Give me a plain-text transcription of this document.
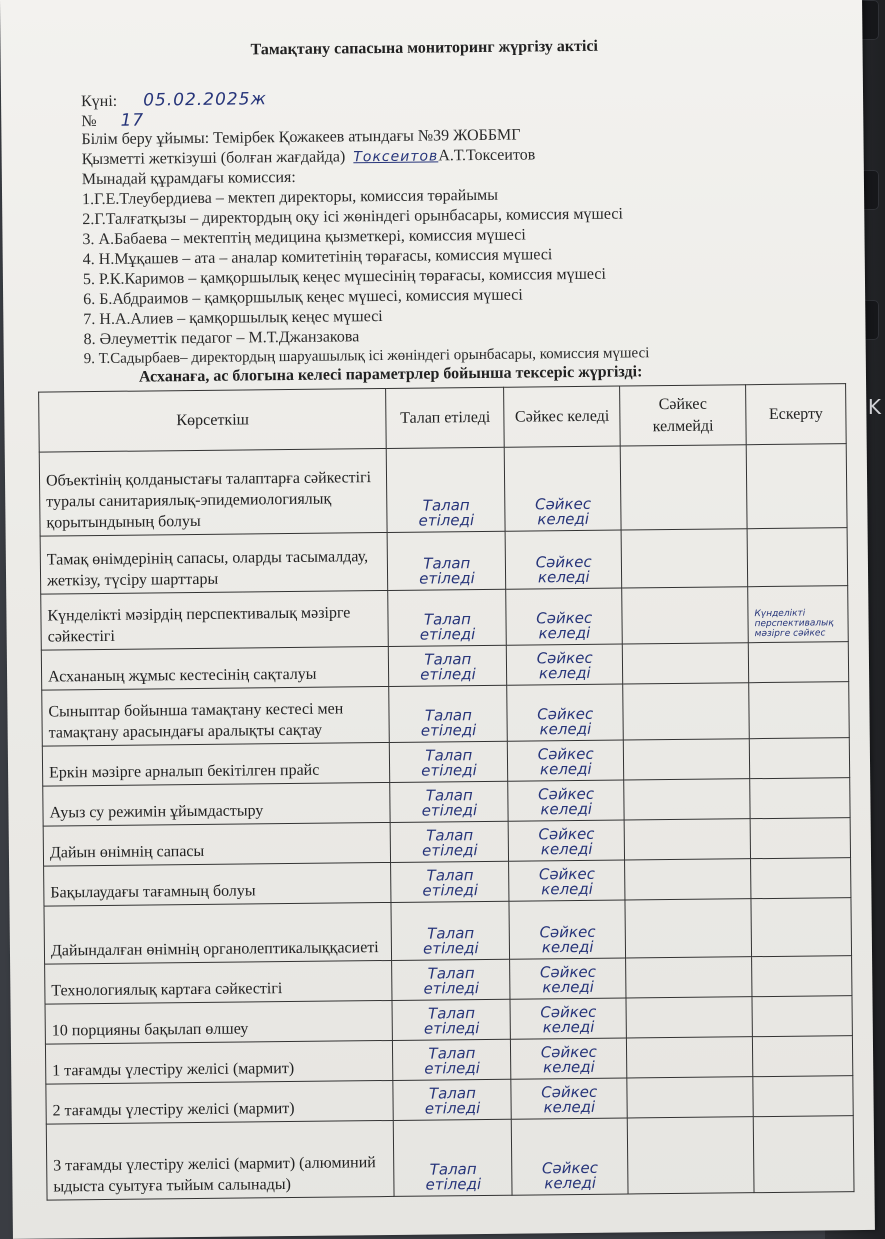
Тамақтану сапасына мониторинг жүргізу актісі
Күні: 05.02.2025ж
№ 17
Білім беру ұйымы: Темірбек Қожакеев атындағы №39 ЖОББМГ
Қызметті жеткізуші (болған жағдайда) ТоксеитовА.Т.Токсеитов
Мынадай құрамдағы комиссия:
1.Г.Е.Тлеубердиева – мектеп директоры, комиссия төрайымы
2.Г.Талғатқызы – директордың оқу ісі жөніндегі орынбасары, комиссия мүшесі
3. А.Бабаева – мектептің медицина қызметкері, комиссия мүшесі
4. Н.Мұқашев – ата – аналар комитетінің төрағасы, комиссия мүшесі
5. Р.К.Каримов – қамқоршылық кеңес мүшесінің төрағасы, комиссия мүшесі
6. Б.Абдраимов – қамқоршылық кеңес мүшесі, комиссия мүшесі
7. Н.А.Алиев – қамқоршылық кеңес мүшесі
8. Әлеуметтік педагог – М.Т.Джанзакова
9. Т.Садырбаев– директордың шаруашылық ісі жөніндегі орынбасары, комиссия мүшесі
Асханаға, ас блогына келесі параметрлер бойынша тексеріс жүргізді:
Көрсеткіш	Талап етіледі	Сәйкес келеді	Сәйкес келмейді	Ескерту
Объектінің қолданыстағы талаптарға сәйкестігі туралы санитариялық-эпидемиологиялық қорытындының болуы	Талап етіледі	Сәйкес келеді		
Тамақ өнімдерінің сапасы, оларды тасымалдау, жеткізу, түсіру шарттары	Талап етіледі	Сәйкес келеді		
Күнделікті мәзірдің перспективалық мәзірге сәйкестігі	Талап етіледі	Сәйкес келеді		Күнделікті перспективалық мәзірге сәйкес
Асхананың жұмыс кестесінің сақталуы	Талап етіледі	Сәйкес келеді		
Сыныптар бойынша тамақтану кестесі мен тамақтану арасындағы аралықты сақтау	Талап етіледі	Сәйкес келеді		
Еркін мәзірге арналып бекітілген прайс	Талап етіледі	Сәйкес келеді		
Ауыз су режимін ұйымдастыру	Талап етіледі	Сәйкес келеді		
Дайын өнімнің сапасы	Талап етіледі	Сәйкес келеді		
Бақылаудағы тағамның болуы	Талап етіледі	Сәйкес келеді		
Дайындалған өнімнің органолептикалыққасиеті	Талап етіледі	Сәйкес келеді		
Технологиялық картаға сәйкестігі	Талап етіледі	Сәйкес келеді		
10 порцияны бақылап өлшеу	Талап етіледі	Сәйкес келеді		
1 тағамды үлестіру желісі (мармит)	Талап етіледі	Сәйкес келеді		
2 тағамды үлестіру желісі (мармит)	Талап етіледі	Сәйкес келеді		
3 тағамды үлестіру желісі (мармит) (алюминий ыдыста суытуға тыйым салынады)	Талап етіледі	Сәйкес келеді		
K
